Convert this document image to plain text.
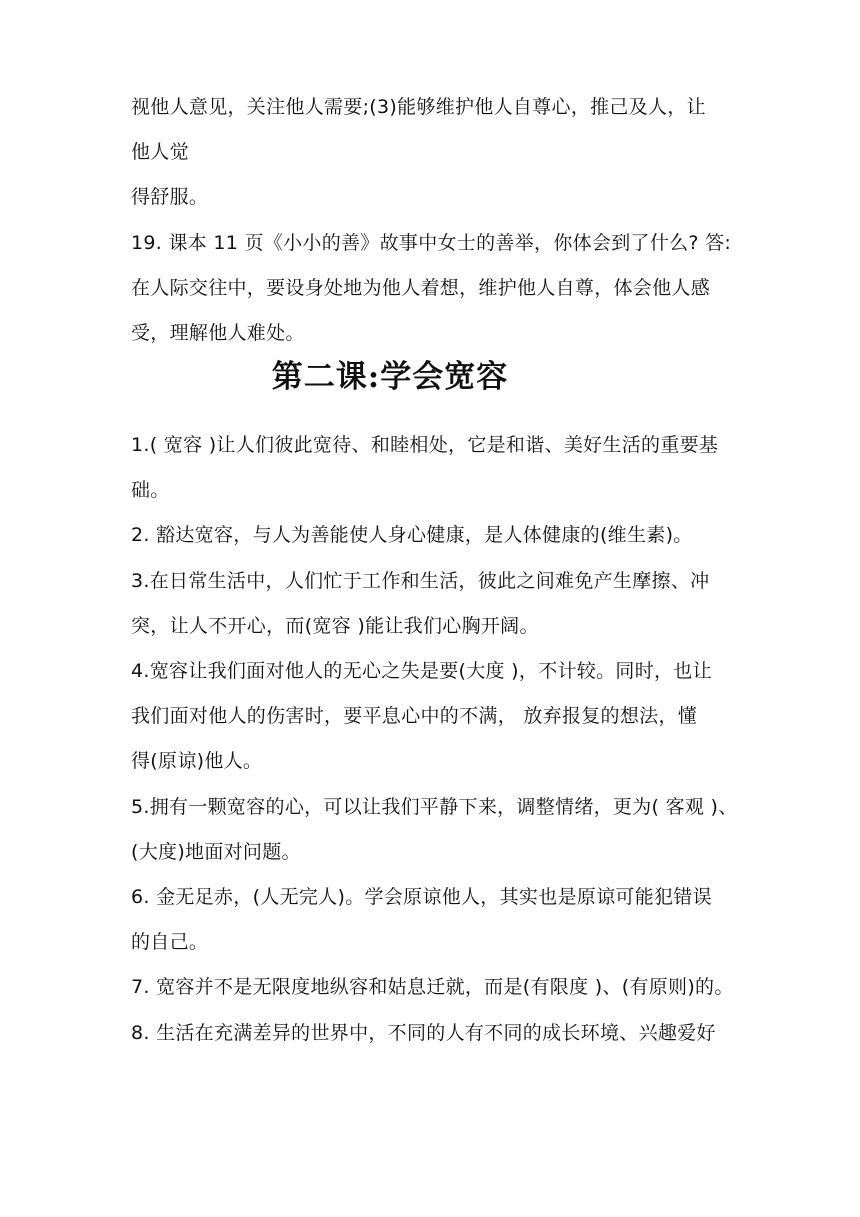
视他人意见，关注他人需要;(3)能够维护他人自尊心，推己及人，让
他人觉
得舒服。
19. 课本 11 页《小小的善》故事中女士的善举，你体会到了什么? 答:
在人际交往中，要设身处地为他人着想，维护他人自尊，体会他人感
受，理解他人难处。
第二课:学会宽容
1.( 宽容 )让人们彼此宽待、和睦相处，它是和谐、美好生活的重要基
础。
2. 豁达宽容，与人为善能使人身心健康，是人体健康的(维生素)。
3.在日常生活中，人们忙于工作和生活，彼此之间难免产生摩擦、冲
突，让人不开心，而(宽容 )能让我们心胸开阔。
4.宽容让我们面对他人的无心之失是要(大度 )，不计较。同时，也让
我们面对他人的伤害时，要平息心中的不满， 放弃报复的想法，懂
得(原谅)他人。
5.拥有一颗宽容的心，可以让我们平静下来，调整情绪，更为( 客观 )、
(大度)地面对问题。
6. 金无足赤，(人无完人)。学会原谅他人，其实也是原谅可能犯错误
的自己。
7. 宽容并不是无限度地纵容和姑息迁就，而是(有限度 )、(有原则)的。
8. 生活在充满差异的世界中，不同的人有不同的成长环境、兴趣爱好
